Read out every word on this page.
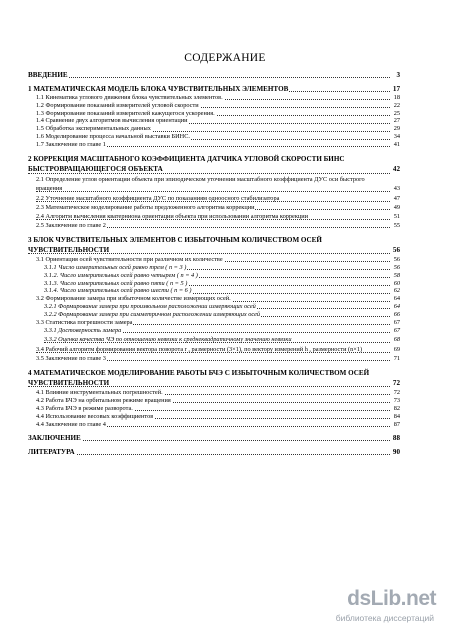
СОДЕРЖАНИЕ
ВВЕДЕНИЕ	3
1 МАТЕМАТИЧЕСКАЯ МОДЕЛЬ БЛОКА ЧУВСТВИТЕЛЬНЫХ ЭЛЕМЕНТОВ	17
1.1 Кинематика углового движения блока чувствительных элементов.	18
1.2 Формирование показаний измерителей угловой скорости	22
1.3 Формирование показаний измерителей кажущегося ускорения.	25
1.4 Сравнение двух алгоритмов вычисления ориентации	27
1.5 Обработка экспериментальных данных	29
1.6 Моделирование процесса начальной выставки БИНС.	34
1.7 Заключение по главе 1	41
2 КОРРЕКЦИЯ МАСШТАБНОГО КОЭФФИЦИЕНТА ДАТЧИКА УГЛОВОЙ СКОРОСТИ БИНС БЫСТРОВРАЩАЮЩЕГОСЯ ОБЪЕКТА	42
2.1 Определение углов ориентации объекта при эпизодическом уточнении масштабного коэффициента ДУС оси быстрого вращения	43
2.2 Уточнение масштабного коэффициента ДУС по показаниям одноосного стабилизатора	47
2.3 Математическое моделирование работы предложенного алгоритма коррекции	49
2.4 Алгоритм вычисления кватерниона ориентации объекта при использовании алгоритма коррекции	51
2.5 Заключение по главе 2	55
3 БЛОК ЧУВСТВИТЕЛЬНЫХ ЭЛЕМЕНТОВ С ИЗБЫТОЧНЫМ КОЛИЧЕСТВОМ ОСЕЙ ЧУВСТВИТЕЛЬНОСТИ	56
3.1 Ориентация осей чувствительности при различном их количестве	56
3.1.1 Число измерительных осей равно трем ( n = 3 )	56
3.1.2. Число измерительных осей равно четырем ( n = 4 )	58
3.1.3. Число измерительных осей равно пяти ( n = 5 )	60
3.1.4. Число измерительных осей равно шести ( n = 6 )	62
3.2 Формирование замера при избыточном количестве измерющих осей.	64
3.2.1 Формирование замера при произвольном расположении измеряющих осей	64
3.2.2 Формирование замера при симметричном расположении измеряющих осей	66
3.3 Статистика погрешности замера	67
3.3.1 Достоверность замера	67
3.3.2 Оценка качества ЧЭ по отношению невязки к среднеквадратичному значению невязки	68
3.4 Рабочий алгоритм формирования вектора поворота r , размерности (3×1), по вектору измерений h , размерности (n×1)	69
3.5 Заключение по главе 3	71
4 МАТЕМАТИЧЕСКОЕ МОДЕЛИРОВАНИЕ РАБОТЫ БЧЭ С ИЗБЫТОЧНЫМ КОЛИЧЕСТВОМ ОСЕЙ ЧУВСТВИТЕЛЬНОСТИ	72
4.1 Влияние инструментальных погрешностей.	72
4.2 Работа БЧЭ на орбитальном режиме вращения	73
4.3 Работа БЧЭ в режиме разворота.	82
4.4 Использование весовых коэффициентов	84
4.4 Заключение по главе 4	87
ЗАКЛЮЧЕНИЕ	88
ЛИТЕРАТУРА	90
dsLib.net
библиотека диссертаций
